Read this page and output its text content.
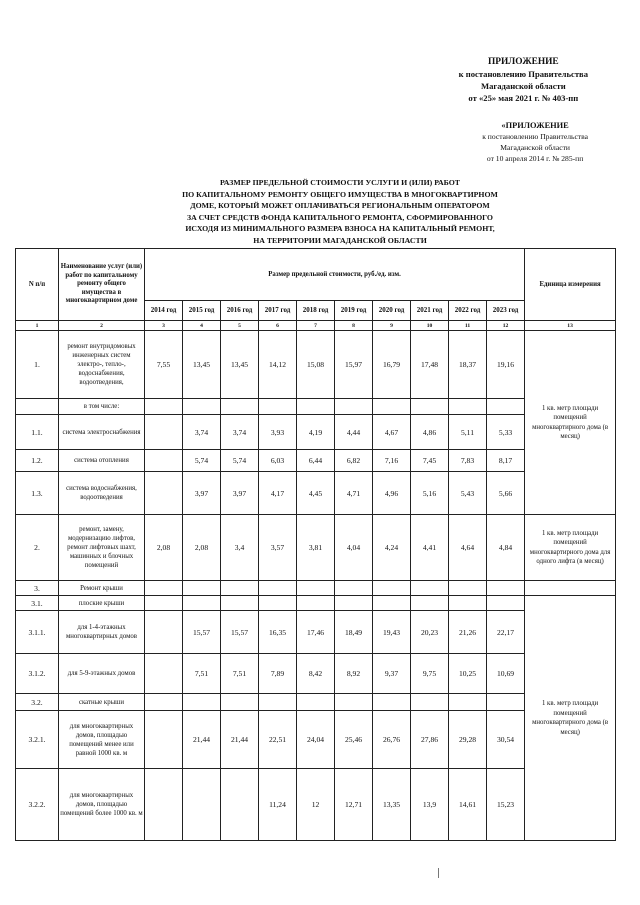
ПРИЛОЖЕНИЕ
к постановлению Правительства
Магаданской области
от «25» мая 2021 г. № 403-пп
«ПРИЛОЖЕНИЕ
к постановлению Правительства
Магаданской области
от 10 апреля 2014 г. № 285-пп
РАЗМЕР ПРЕДЕЛЬНОЙ СТОИМОСТИ УСЛУГИ И (ИЛИ) РАБОТ
ПО КАПИТАЛЬНОМУ РЕМОНТУ ОБЩЕГО ИМУЩЕСТВА В МНОГОКВАРТИРНОМ
ДОМЕ, КОТОРЫЙ МОЖЕТ ОПЛАЧИВАТЬСЯ РЕГИОНАЛЬНЫМ ОПЕРАТОРОМ
ЗА СЧЕТ СРЕДСТВ ФОНДА КАПИТАЛЬНОГО РЕМОНТА, СФОРМИРОВАННОГО
ИСХОДЯ ИЗ МИНИМАЛЬНОГО РАЗМЕРА ВЗНОСА НА КАПИТАЛЬНЫЙ РЕМОНТ,
НА ТЕРРИТОРИИ МАГАДАНСКОЙ ОБЛАСТИ
N п/п	Наименование услуг (или) работ по капитальному ремонту общего имущества в многоквартирном доме	Размер предельной стоимости, руб./ед. изм.										Единица измерения
		2014 год	2015 год	2016 год	2017 год	2018 год	2019 год	2020 год	2021 год	2022 год	2023 год	
1	2	3	4	5	6	7	8	9	10	11	12	13
1.	ремонт внутридомовых инженерных систем электро-, тепло-, водоснабжения, водоотведения,	7,55	13,45	13,45	14,12	15,08	15,97	16,79	17,48	18,37	19,16	1 кв. метр площади помещений многоквартирного дома (в месяц)
	в том числе:											
1.1.	система электроснабжения		3,74	3,74	3,93	4,19	4,44	4,67	4,86	5,11	5,33	
1.2.	система отопления		5,74	5,74	6,03	6,44	6,82	7,16	7,45	7,83	8,17	
1.3.	система водоснабжения, водоотведения		3,97	3,97	4,17	4,45	4,71	4,96	5,16	5,43	5,66	
2.	ремонт, замену, модернизацию лифтов, ремонт лифтовых шахт, машинных и блочных помещений	2,08	2,08	3,4	3,57	3,81	4,04	4,24	4,41	4,64	4,84	1 кв. метр площади помещений многоквартирного дома для одного лифта (в месяц)
3.	Ремонт крыши											
3.1.	плоские крыши											1 кв. метр площади помещений многоквартирного дома (в месяц)
3.1.1.	для 1-4-этажных многоквартирных домов		15,57	15,57	16,35	17,46	18,49	19,43	20,23	21,26	22,17	
3.1.2.	для 5-9-этажных домов		7,51	7,51	7,89	8,42	8,92	9,37	9,75	10,25	10,69	
3.2.	скатные крыши											
3.2.1.	для многоквартирных домов, площадью помещений менее или равной 1000 кв. м		21,44	21,44	22,51	24,04	25,46	26,76	27,86	29,28	30,54	
3.2.2.	для многоквартирных домов, площадью помещений более 1000 кв. м				11,24	12	12,71	13,35	13,9	14,61	15,23	
